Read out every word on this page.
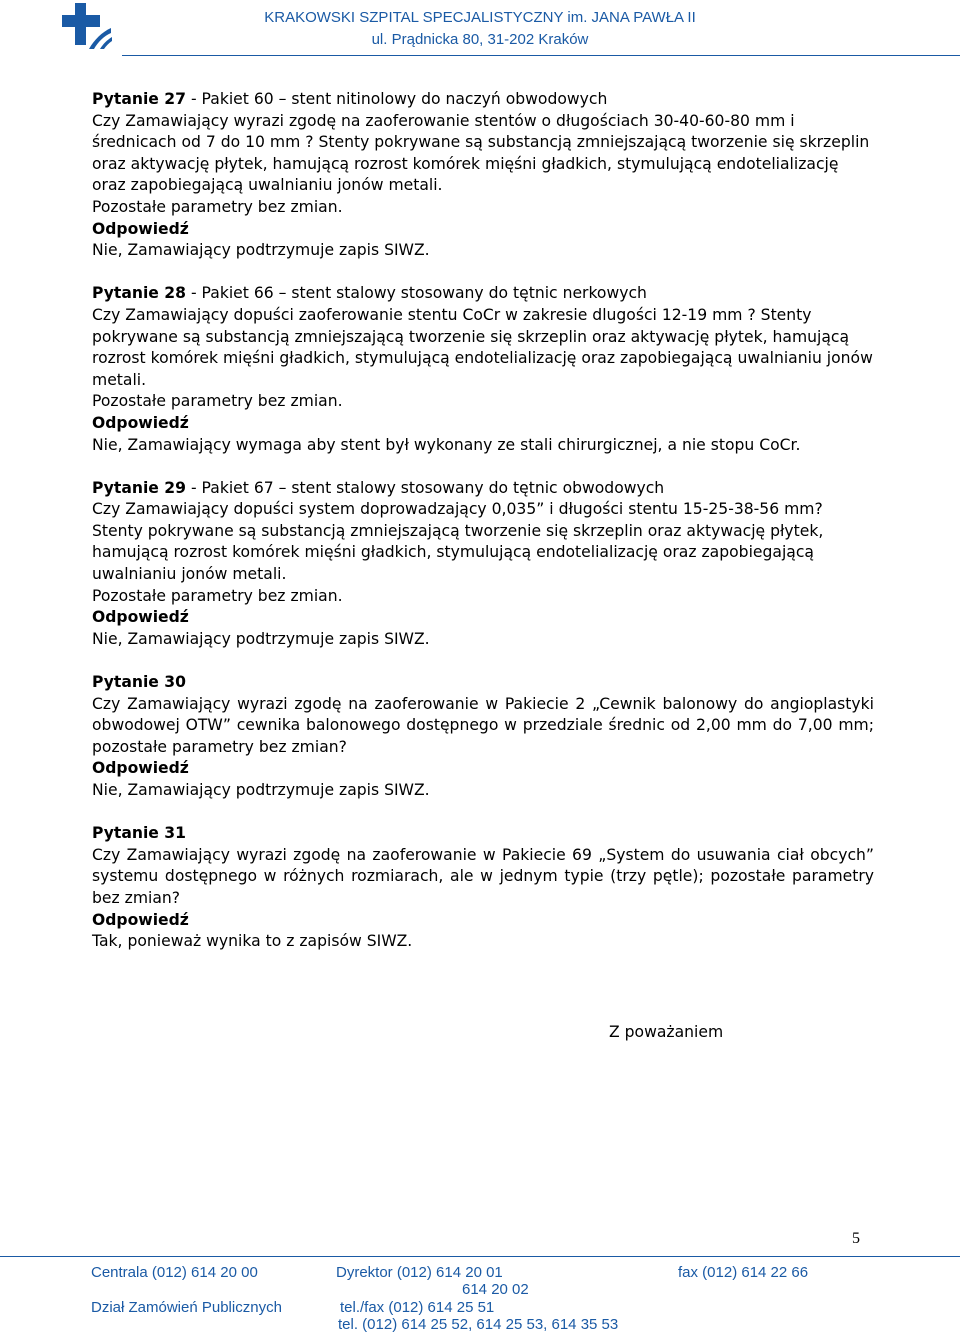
KRAKOWSKI SZPITAL SPECJALISTYCZNY im. JANA PAWŁA II
ul. Prądnicka 80, 31-202 Kraków

Pytanie 27 - Pakiet 60 – stent nitinolowy do naczyń obwodowych

Czy Zamawiający wyrazi zgodę na zaoferowanie stentów o długościach 30-40-60-80 mm i średnicach od 7 do 10 mm ? Stenty pokrywane są substancją zmniejszającą tworzenie się skrzeplin oraz aktywację płytek, hamującą rozrost komórek mięśni gładkich, stymulującą endotelializację oraz zapobiegającą uwalnianiu jonów metali.

Pozostałe parametry bez zmian.

Odpowiedź

Nie, Zamawiający podtrzymuje zapis SIWZ.

Pytanie 28 - Pakiet 66 – stent stalowy stosowany do tętnic nerkowych

Czy Zamawiający dopuści zaoferowanie stentu CoCr w zakresie dlugości 12-19 mm ? Stenty pokrywane są substancją zmniejszającą tworzenie się skrzeplin oraz aktywację płytek, hamującą rozrost komórek mięśni gładkich, stymulującą endotelializację oraz zapobiegającą uwalnianiu jonów metali.

Pozostałe parametry bez zmian.

Odpowiedź

Nie, Zamawiający wymaga aby stent był wykonany ze stali chirurgicznej, a nie stopu CoCr.

Pytanie 29 - Pakiet 67 – stent stalowy stosowany do tętnic obwodowych

Czy Zamawiający dopuści system doprowadzający 0,035” i długości stentu 15-25-38-56 mm? Stenty pokrywane są substancją zmniejszającą tworzenie się skrzeplin oraz aktywację płytek, hamującą rozrost komórek mięśni gładkich, stymulującą endotelializację oraz zapobiegającą uwalnianiu jonów metali.

Pozostałe parametry bez zmian.

Odpowiedź

Nie, Zamawiający podtrzymuje zapis SIWZ.

Pytanie 30

Czy Zamawiający wyrazi zgodę na zaoferowanie w Pakiecie 2 „Cewnik balonowy do angioplastyki obwodowej OTW” cewnika balonowego dostępnego w przedziale średnic od 2,00 mm do 7,00 mm; pozostałe parametry bez zmian?

Odpowiedź

Nie, Zamawiający podtrzymuje zapis SIWZ.

Pytanie 31

Czy Zamawiający wyrazi zgodę na zaoferowanie w Pakiecie 69 „System do usuwania ciał obcych” systemu dostępnego w różnych rozmiarach, ale w jednym typie (trzy pętle); pozostałe parametry bez zmian?

Odpowiedź

Tak, ponieważ wynika to z zapisów SIWZ.

Z poważaniem
5
Centrala (012) 614 20 00	Dyrektor (012) 614 20 01
614 20 02
fax (012) 614 22 66
Dział Zamówień Publicznych	tel./fax (012) 614 25 51
tel. (012) 614 25 52, 614 25 53, 614 35 53
